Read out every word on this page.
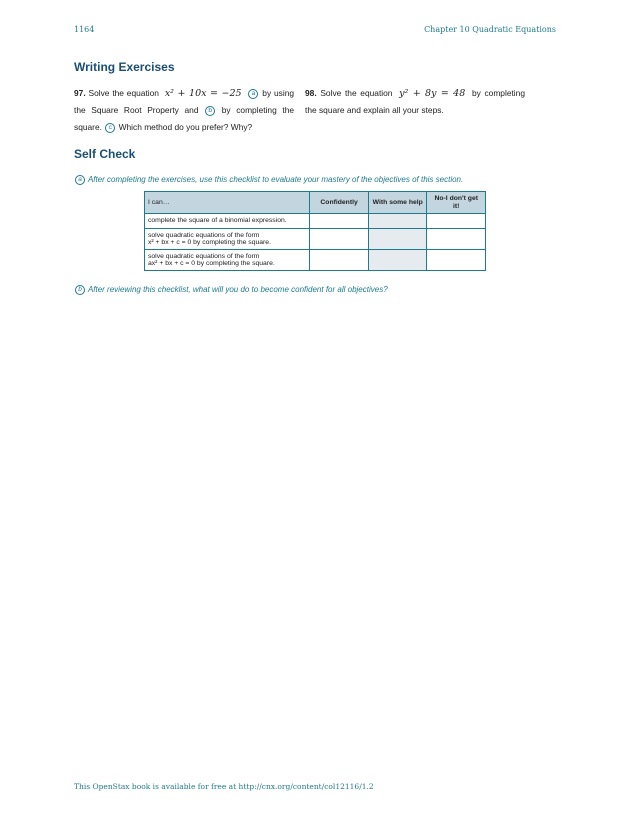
1164	Chapter 10 Quadratic Equations
Writing Exercises
97. Solve the equation x² + 10x = −25 a by using the Square Root Property and b by completing the square. c Which method do you prefer? Why?
98. Solve the equation y² + 8y = 48 by completing the square and explain all your steps.
Self Check
a After completing the exercises, use this checklist to evaluate your mastery of the objectives of this section.
I can…	Confidently	With some help	No-I don't get it!
complete the square of a binomial expression.			

solve quadratic equations of the form
x² + bx + c = 0 by completing the square.			

solve quadratic equations of the form
ax² + bx + c = 0 by completing the square.			

b After reviewing this checklist, what will you do to become confident for all objectives?
This OpenStax book is available for free at http://cnx.org/content/col12116/1.2
